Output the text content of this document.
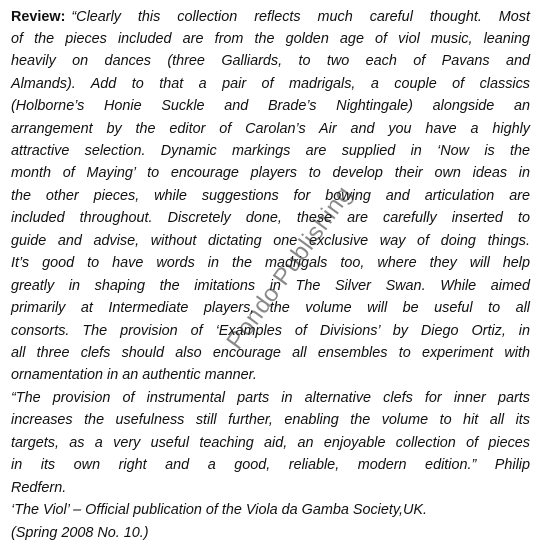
Review: “Clearly this collection reflects much careful thought. Most
of the pieces included are from the golden age of viol music, leaning
heavily on dances (three Galliards, to two each of Pavans and
Almands). Add to that a pair of madrigals, a couple of classics
(Holborne’s Honie Suckle and Brade’s Nightingale) alongside an
arrangement by the editor of Carolan’s Air and you have a highly
attractive selection. Dynamic markings are supplied in ‘Now is the
month of Maying’ to encourage players to develop their own ideas in
the other pieces, while suggestions for bowing and articulation are
included throughout. Discretely done, these are carefully inserted to
guide and advise, without dictating one exclusive way of doing things.
It’s good to have words in the madrigals too, where they will help
greatly in shaping the imitations in The Silver Swan. While aimed
primarily at Intermediate players, the volume will be useful to all
consorts. The provision of ‘Examples of Divisions’ by Diego Ortiz, in
all three clefs should also encourage all ensembles to experiment with
ornamentation in an authentic manner.
“The provision of instrumental parts in alternative clefs for inner parts
increases the usefulness still further, enabling the volume to hit all its
targets, as a very useful teaching aid, an enjoyable collection of pieces
in its own right and a good, reliable, modern edition.” Philip
Redfern.
‘The Viol’ – Official publication of the Viola da Gamba Society,UK.
(Spring 2008 No. 10.)
Pondo Publishing
